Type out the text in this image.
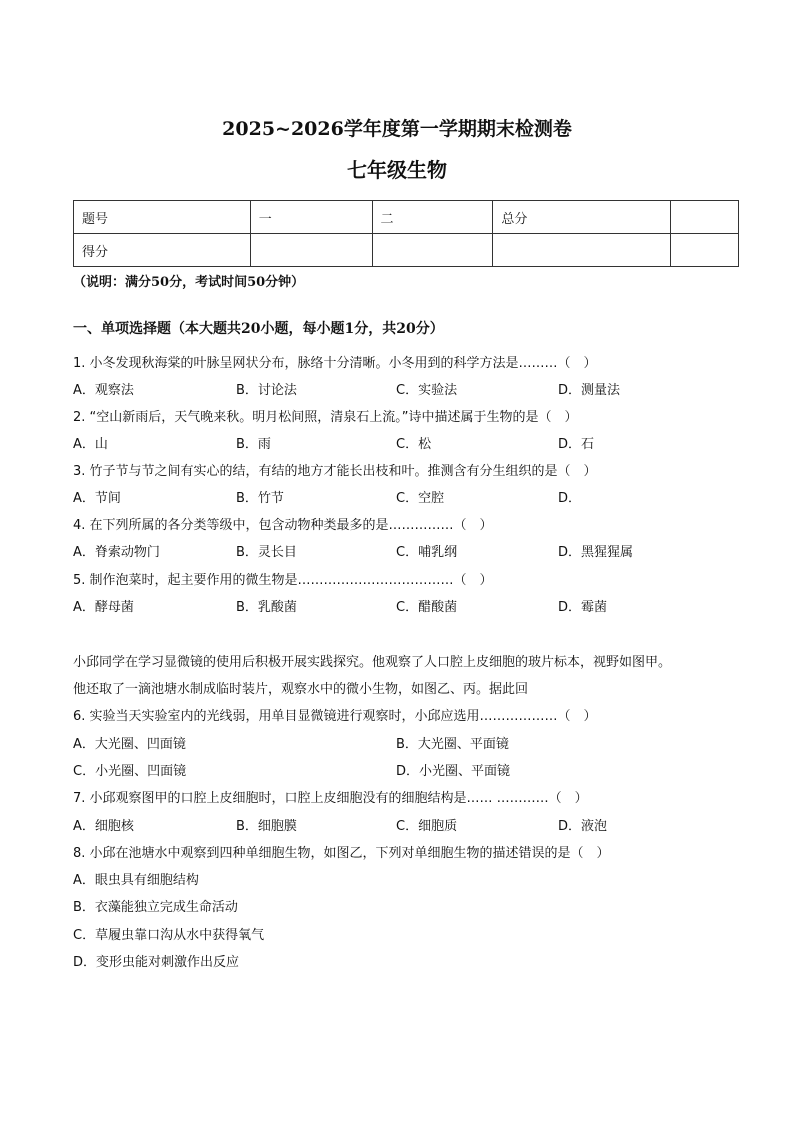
2025~2026学年度第一学期期末检测卷
七年级生物
题号	一	二	总分	
得分				
（说明：满分50分，考试时间50分钟）
一、单项选择题（本大题共20小题，每小题1分，共20分）
1. 小冬发现秋海棠的叶脉呈网状分布，脉络十分清晰。小冬用到的科学方法是………（　）
A．观察法	B．讨论法	C．实验法	D．测量法
2. “空山新雨后，天气晚来秋。明月松间照，清泉石上流。”诗中描述属于生物的是（　）
A．山	B．雨	C．松	D．石
3. 竹子节与节之间有实心的结，有结的地方才能长出枝和叶。推测含有分生组织的是（　）
A．节间	B．竹节	C．空腔	D．
4. 在下列所属的各分类等级中，包含动物种类最多的是……………（　）
A．脊索动物门	B．灵长目	C．哺乳纲	D．黑猩猩属
5. 制作泡菜时，起主要作用的微生物是………………………………（　）
A．酵母菌	B．乳酸菌	C．醋酸菌	D．霉菌
小邱同学在学习显微镜的使用后积极开展实践探究。他观察了人口腔上皮细胞的玻片标本，视野如图甲。
他还取了一滴池塘水制成临时装片，观察水中的微小生物，如图乙、丙。据此回
6. 实验当天实验室内的光线弱，用单目显微镜进行观察时，小邱应选用………………（　）
A．大光圈、凹面镜	B．大光圈、平面镜
C．小光圈、凹面镜	D．小光圈、平面镜
7. 小邱观察图甲的口腔上皮细胞时，口腔上皮细胞没有的细胞结构是…… …………（　）
A．细胞核	B．细胞膜	C．细胞质	D．液泡
8. 小邱在池塘水中观察到四种单细胞生物，如图乙，下列对单细胞生物的描述错误的是（　）
A．眼虫具有细胞结构
B．衣藻能独立完成生命活动
C．草履虫靠口沟从水中获得氧气
D．变形虫能对刺激作出反应
